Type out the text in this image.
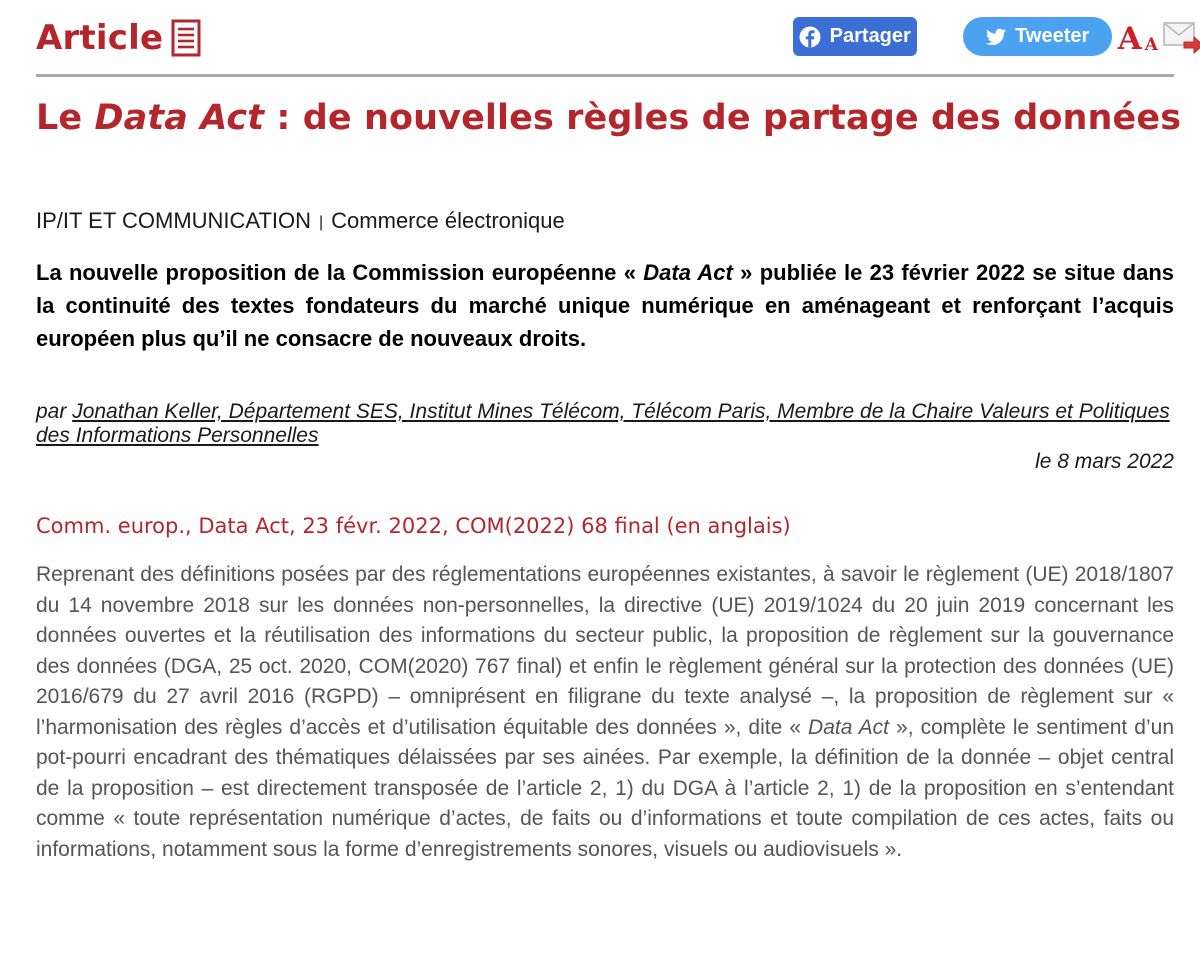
Article	Partager	Tweeter A A
Le Data Act : de nouvelles règles de partage des données
IP/IT ET COMMUNICATION | Commerce électronique

La nouvelle proposition de la Commission européenne « Data Act » publiée le 23 février 2022 se situe dans la continuité des textes fondateurs du marché unique numérique en aménageant et renforçant l’acquis européen plus qu’il ne consacre de nouveaux droits.

par Jonathan Keller, Département SES, Institut Mines Télécom, Télécom Paris, Membre de la Chaire Valeurs et Politiques des Informations Personnelles
le 8 mars 2022
Comm. europ., Data Act, 23 févr. 2022, COM(2022) 68 final (en anglais)

Reprenant des définitions posées par des réglementations européennes existantes, à savoir le règlement (UE) 2018/1807 du 14 novembre 2018 sur les données non-personnelles, la directive (UE) 2019/1024 du 20 juin 2019 concernant les données ouvertes et la réutilisation des informations du secteur public, la proposition de règlement sur la gouvernance des données (DGA, 25 oct. 2020, COM(2020) 767 final) et enfin le règlement général sur la protection des données (UE) 2016/679 du 27 avril 2016 (RGPD) – omniprésent en filigrane du texte analysé –, la proposition de règlement sur « l’harmonisation des règles d’accès et d’utilisation équitable des données », dite « Data Act », complète le sentiment d’un pot-pourri encadrant des thématiques délaissées par ses ainées. Par exemple, la définition de la donnée – objet central de la proposition – est directement transposée de l’article 2, 1) du DGA à l’article 2, 1) de la proposition en s’entendant comme « toute représentation numérique d’actes, de faits ou d’informations et toute compilation de ces actes, faits ou informations, notamment sous la forme d’enregistrements sonores, visuels ou audiovisuels ».
